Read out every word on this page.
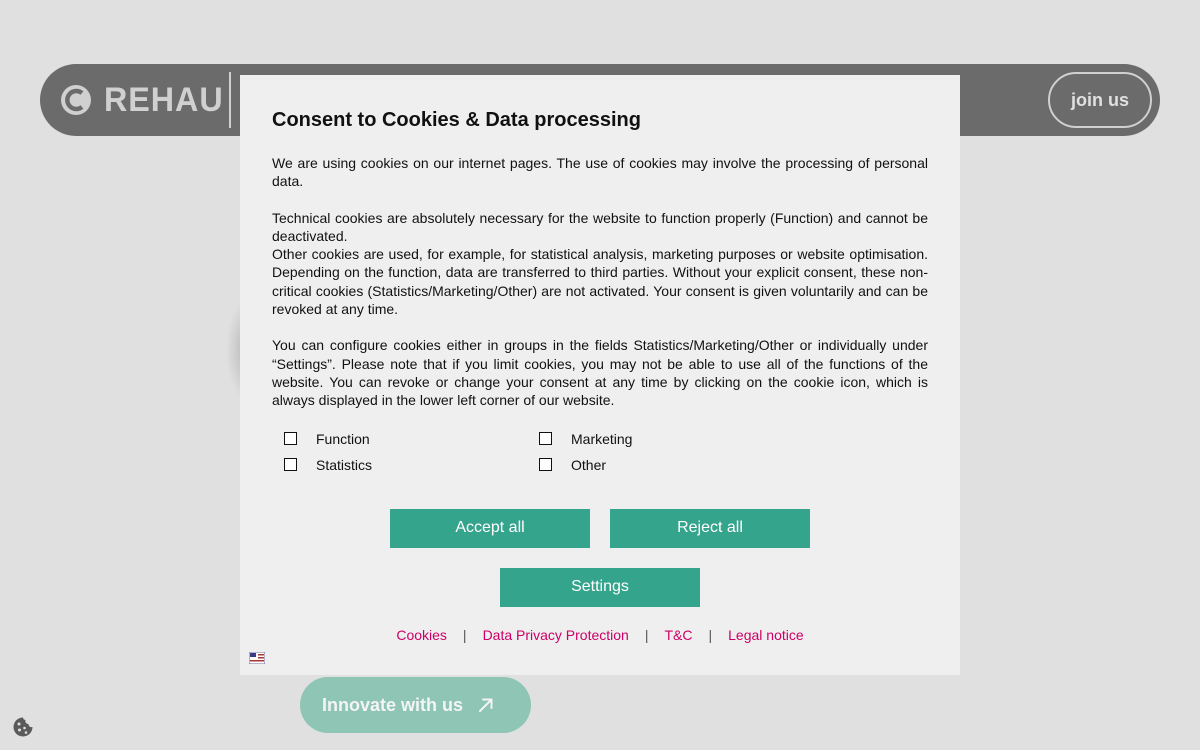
REHAU	join us
Innovate with us
Consent to Cookies & Data processing

We are using cookies on our internet pages. The use of cookies may involve the processing of personal data.

Technical cookies are absolutely necessary for the website to function properly (Function) and cannot be deactivated.

Other cookies are used, for example, for statistical analysis, marketing purposes or website optimisation. Depending on the function, data are transferred to third parties. Without your explicit consent, these non-critical cookies (Statistics/Marketing/Other) are not activated. Your consent is given voluntarily and can be revoked at any time.

You can configure cookies either in groups in the fields Statistics/Marketing/Other or individually under “Settings”. Please note that if you limit cookies, you may not be able to use all of the functions of the website. You can revoke or change your consent at any time by clicking on the cookie icon, which is always displayed in the lower left corner of our website.

Function	Marketing
Statistics	Other
Accept all	Reject all
Settings
Cookies | Data Privacy Protection | T&C | Legal notice
